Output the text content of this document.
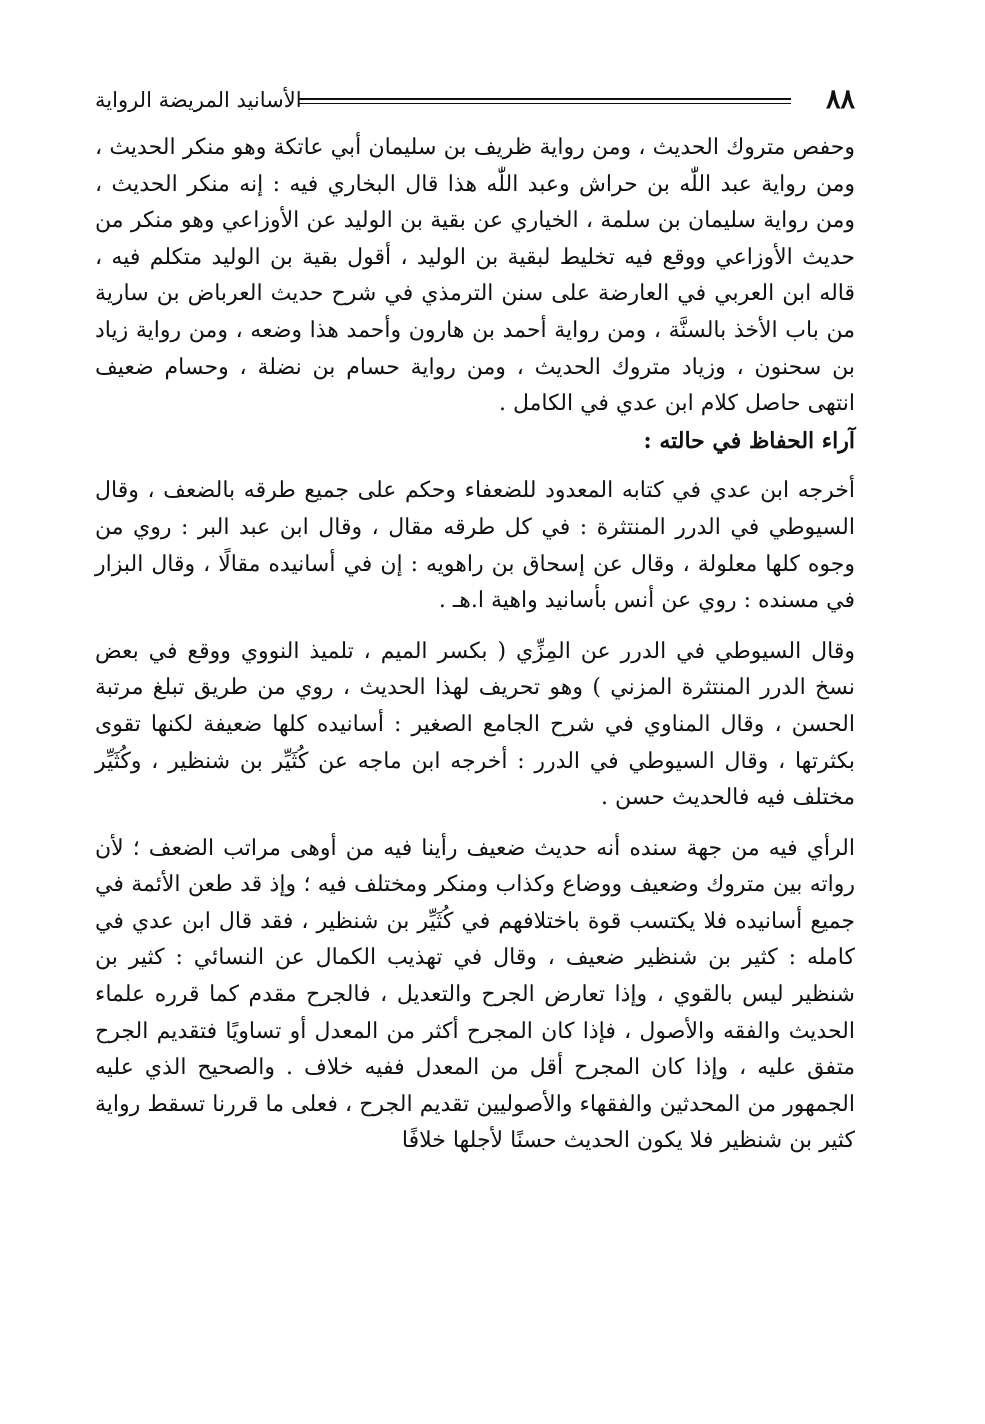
٨٨
الأسانيد المريضة الرواية

وحفص متروك الحديث ، ومن رواية ظريف بن سليمان أبي عاتكة وهو منكر الحديث ، ومن رواية عبد اللّٰه بن حراش وعبد اللّٰه هذا قال البخاري فيه : إنه منكر الحديث ، ومن رواية سليمان بن سلمة ، الخياري عن بقية بن الوليد عن الأوزاعي وهو منكر من حديث الأوزاعي ووقع فيه تخليط لبقية بن الوليد ، أقول بقية بن الوليد متكلم فيه ، قاله ابن العربي في العارضة على سنن الترمذي في شرح حديث العرباض بن سارية من باب الأخذ بالسنَّة ، ومن رواية أحمد بن هارون وأحمد هذا وضعه ، ومن رواية زياد بن سحنون ، وزياد متروك الحديث ، ومن رواية حسام بن نضلة ، وحسام ضعيف انتهى حاصل كلام ابن عدي في الكامل .

آراء الحفاظ في حالته :

أخرجه ابن عدي في كتابه المعدود للضعفاء وحكم على جميع طرقه بالضعف ، وقال السيوطي في الدرر المنتثرة : في كل طرقه مقال ، وقال ابن عبد البر : روي من وجوه كلها معلولة ، وقال عن إسحاق بن راهويه : إن في أسانيده مقالًا ، وقال البزار في مسنده : روي عن أنس بأسانيد واهية ا.هـ .

وقال السيوطي في الدرر عن المِزِّي ( بكسر الميم ، تلميذ النووي ووقع في بعض نسخ الدرر المنتثرة المزني ) وهو تحريف لهذا الحديث ، روي من طريق تبلغ مرتبة الحسن ، وقال المناوي في شرح الجامع الصغير : أسانيده كلها ضعيفة لكنها تقوى بكثرتها ، وقال السيوطي في الدرر : أخرجه ابن ماجه عن كُثَيِّر بن شنظير ، وكُثَيِّر مختلف فيه فالحديث حسن .

الرأي فيه من جهة سنده أنه حديث ضعيف رأينا فيه من أوهى مراتب الضعف ؛ لأن رواته بين متروك وضعيف ووضاع وكذاب ومنكر ومختلف فيه ؛ وإذ قد طعن الأئمة في جميع أسانيده فلا يكتسب قوة باختلافهم في كُثَيِّر بن شنظير ، فقد قال ابن عدي في كامله : كثير بن شنظير ضعيف ، وقال في تهذيب الكمال عن النسائي : كثير بن شنظير ليس بالقوي ، وإذا تعارض الجرح والتعديل ، فالجرح مقدم كما قرره علماء الحديث والفقه والأصول ، فإذا كان المجرح أكثر من المعدل أو تساويًا فتقديم الجرح متفق عليه ، وإذا كان المجرح أقل من المعدل ففيه خلاف . والصحيح الذي عليه الجمهور من المحدثين والفقهاء والأصوليين تقديم الجرح ، فعلى ما قررنا تسقط رواية كثير بن شنظير فلا يكون الحديث حسنًا لأجلها خلافًا
